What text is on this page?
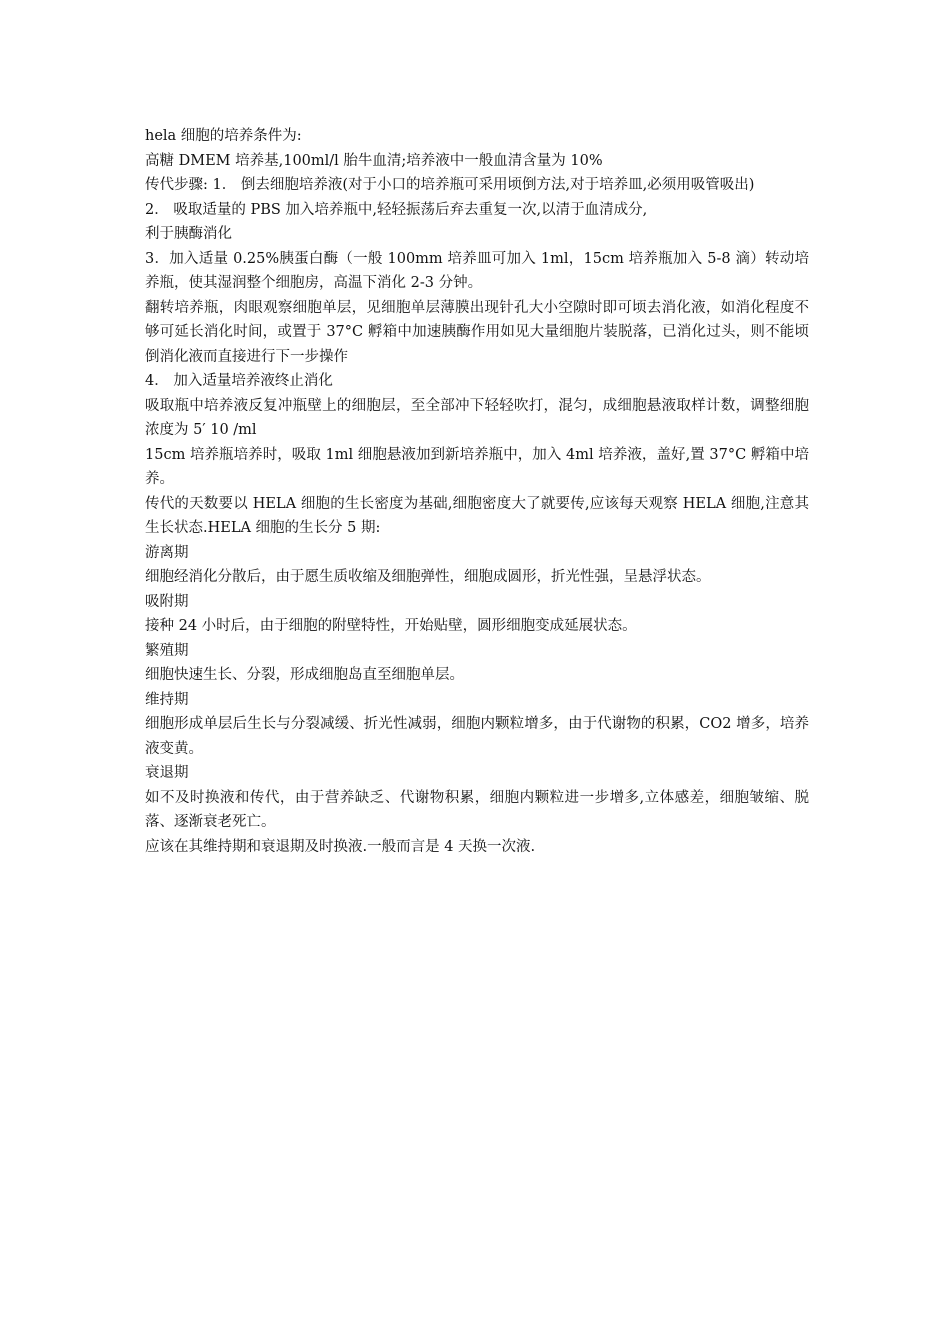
hela 细胞的培养条件为:

高糖 DMEM 培养基,100ml/l 胎牛血清;培养液中一般血清含量为 10%

传代步骤: 1． 倒去细胞培养液(对于小口的培养瓶可采用顷倒方法,对于培养皿,必须用吸管吸出)

2． 吸取适量的 PBS 加入培养瓶中,轻轻振荡后弃去重复一次,以清于血清成分,

利于胰酶消化

3．加入适量 0.25%胰蛋白酶（一般 100mm 培养皿可加入 1ml，15cm 培养瓶加入 5-8 滴）转动培养瓶，使其湿润整个细胞房，高温下消化 2-3 分钟。

翻转培养瓶，肉眼观察细胞单层，见细胞单层薄膜出现针孔大小空隙时即可顷去消化液，如消化程度不够可延长消化时间，或置于 37°C 孵箱中加速胰酶作用如见大量细胞片装脱落，已消化过头，则不能顷倒消化液而直接进行下一步操作

4． 加入适量培养液终止消化

吸取瓶中培养液反复冲瓶壁上的细胞层，至全部冲下轻轻吹打，混匀，成细胞悬液取样计数，调整细胞浓度为 5′ 10 /ml

15cm 培养瓶培养时，吸取 1ml 细胞悬液加到新培养瓶中，加入 4ml 培养液，盖好,置 37°C 孵箱中培养。

传代的天数要以 HELA 细胞的生长密度为基础,细胞密度大了就要传,应该每天观察 HELA 细胞,注意其生长状态.HELA 细胞的生长分 5 期:

游离期

细胞经消化分散后，由于愿生质收缩及细胞弹性，细胞成圆形，折光性强，呈悬浮状态。

吸附期

接种 24 小时后，由于细胞的附壁特性，开始贴壁，圆形细胞变成延展状态。

繁殖期

细胞快速生长、分裂，形成细胞岛直至细胞单层。

维持期

细胞形成单层后生长与分裂减缓、折光性减弱，细胞内颗粒增多，由于代谢物的积累，CO2 增多，培养液变黄。

衰退期

如不及时换液和传代，由于营养缺乏、代谢物积累，细胞内颗粒进一步增多,立体感差，细胞皱缩、脱落、逐渐衰老死亡。

应该在其维持期和衰退期及时换液.一般而言是 4 天换一次液.
